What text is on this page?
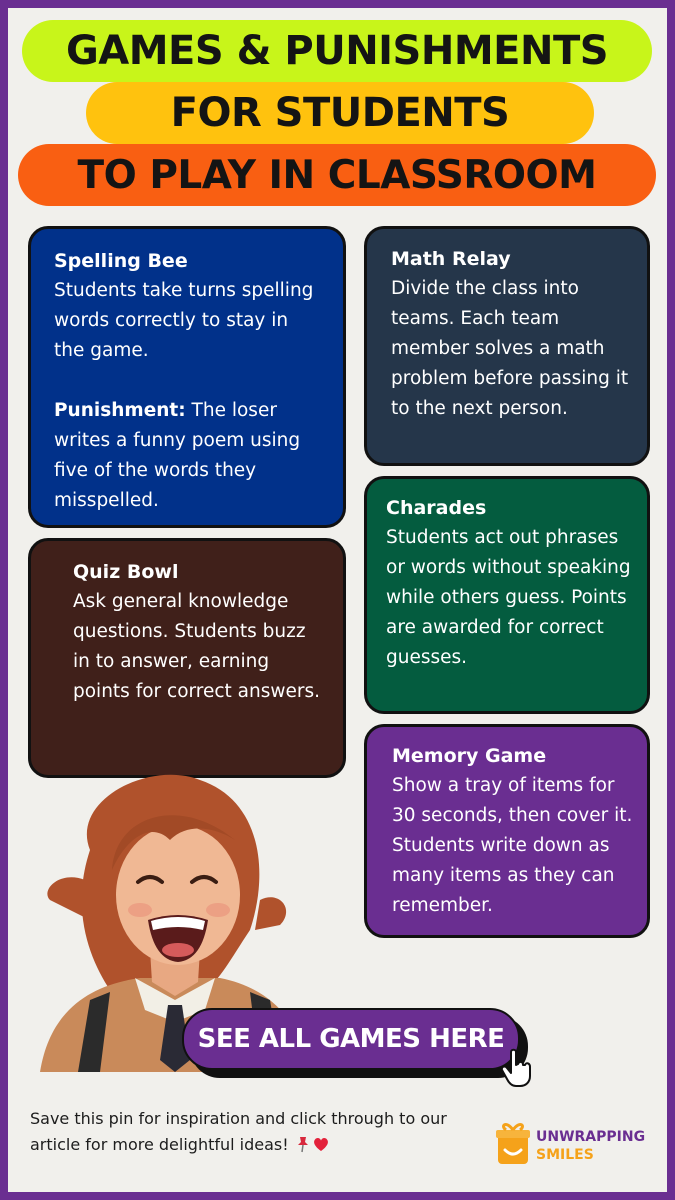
GAMES & PUNISHMENTS
FOR STUDENTS
TO PLAY IN CLASSROOM
Spelling Bee

Students take turns spelling words correctly to stay in the game.

Punishment: The loser writes a funny poem using five of the words they misspelled.

Quiz Bowl

Ask general knowledge questions. Students buzz in to answer, earning points for correct answers.

Math Relay

Divide the class into teams. Each team member solves a math problem before passing it to the next person.

Charades

Students act out phrases or words without speaking while others guess. Points are awarded for correct guesses.

Memory Game

Show a tray of items for 30 seconds, then cover it. Students write down as many items as they can remember.

SEE ALL GAMES HERE
Save this pin for inspiration and click through to our article for more delightful ideas!	UNWRAPPING
SMILES
